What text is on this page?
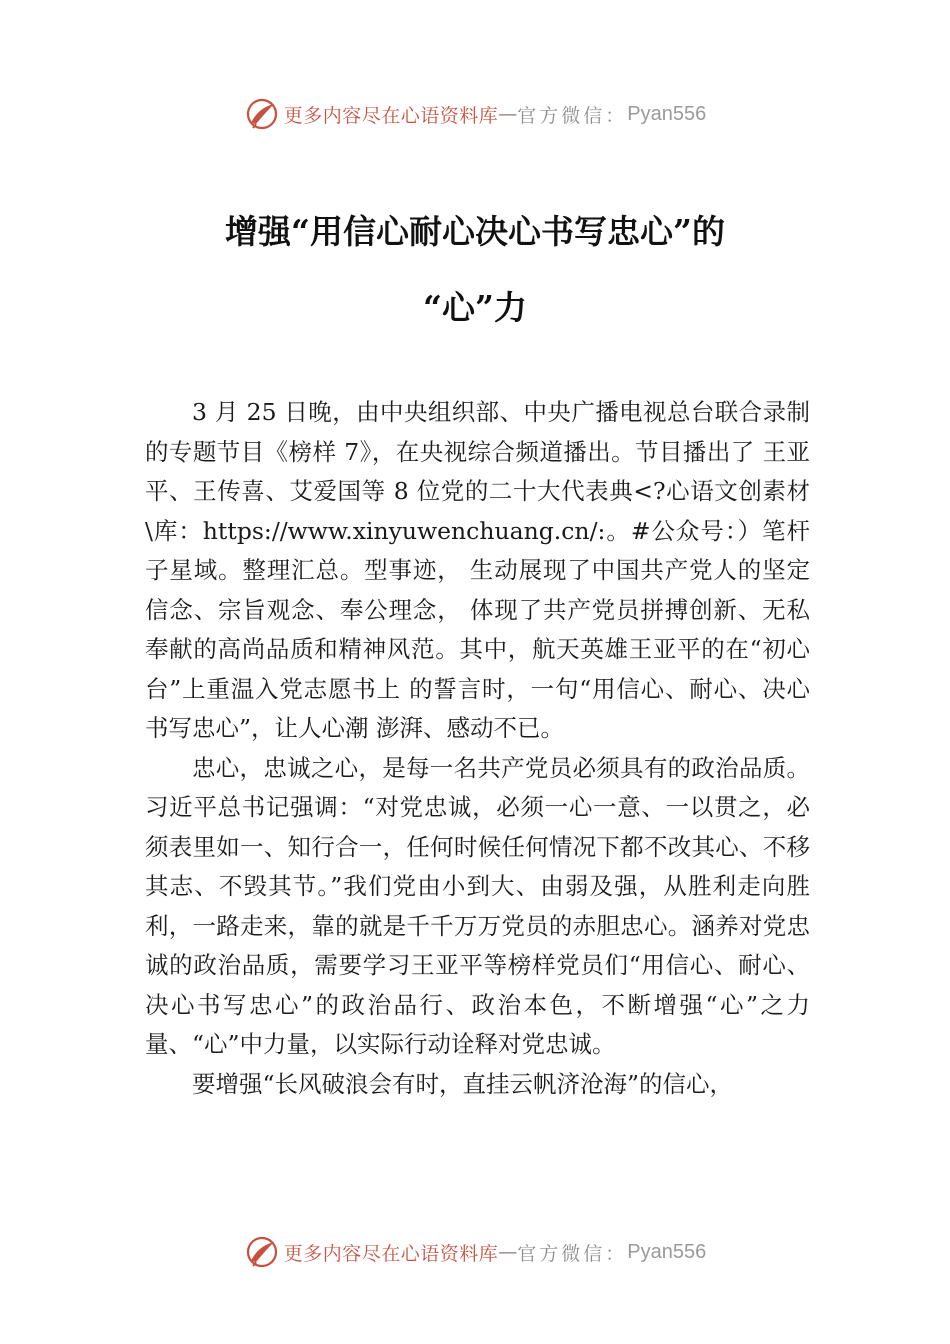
更多内容尽在心语资料库 — 官方微信： Pyan556
增强“用信心耐心决心书写忠心”的
“心”力

3 月 25 日晚，由中央组织部、中央广播电视总台联合录制的专题节目《榜样 7》，在央视综合频道播出。节目播出了 王亚平、王传喜、艾爱国等 8 位党的二十大代表典<?心语文创素材\库：https://www.xinyuwenchuang.cn/:。#公众号：）笔杆子星域。整理汇总。型事迹， 生动展现了中国共产党人的坚定信念、宗旨观念、奉公理念， 体现了共产党员拼搏创新、无私奉献的高尚品质和精神风范。其中，航天英雄王亚平的在“初心台”上重温入党志愿书上 的誓言时，一句“用信心、耐心、决心书写忠心”，让人心潮 澎湃、感动不已。

忠心，忠诚之心，是每一名共产党员必须具有的政治品质。习近平总书记强调：“对党忠诚，必须一心一意、一以贯之，必须表里如一、知行合一，任何时候任何情况下都不改其心、不移其志、不毁其节。”我们党由小到大、由弱及强，从胜利走向胜利，一路走来，靠的就是千千万万党员的赤胆忠心。涵养对党忠诚的政治品质，需要学习王亚平等榜样党员们“用信心、耐心、决心书写忠心”的政治品行、政治本色，不断增强“心”之力量、“心”中力量，以实际行动诠释对党忠诚。

要增强“长风破浪会有时，直挂云帆济沧海”的信心，

更多内容尽在心语资料库 — 官方微信： Pyan556
